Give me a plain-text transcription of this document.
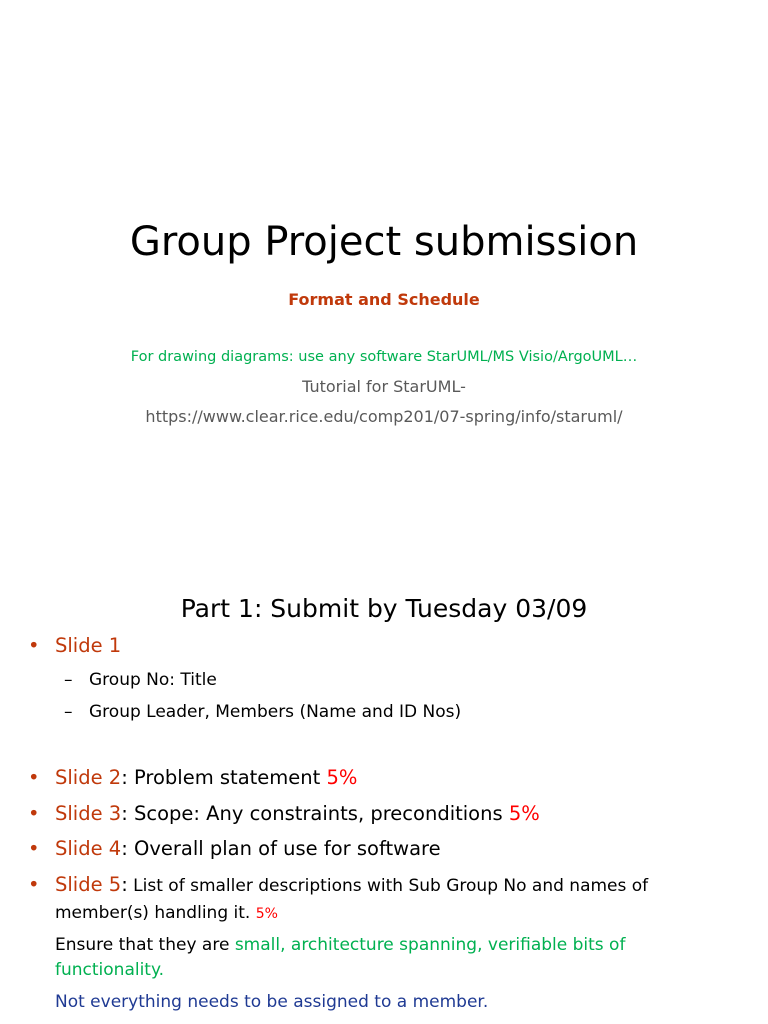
Group Project submission
Format and Schedule
For drawing diagrams: use any software StarUML/MS Visio/ArgoUML…
Tutorial for StarUML-
https://www.clear.rice.edu/comp201/07-spring/info/staruml/
Part 1: Submit by Tuesday 03/09
• Slide 1
– Group No: Title
– Group Leader, Members (Name and ID Nos)
• Slide 2: Problem statement 5%
• Slide 3: Scope: Any constraints, preconditions 5%
• Slide 4: Overall plan of use for software
• Slide 5: List of smaller descriptions with Sub Group No and names of
member(s) handling it. 5%
Ensure that they are small, architecture spanning, verifiable bits of
functionality.
Not everything needs to be assigned to a member.
